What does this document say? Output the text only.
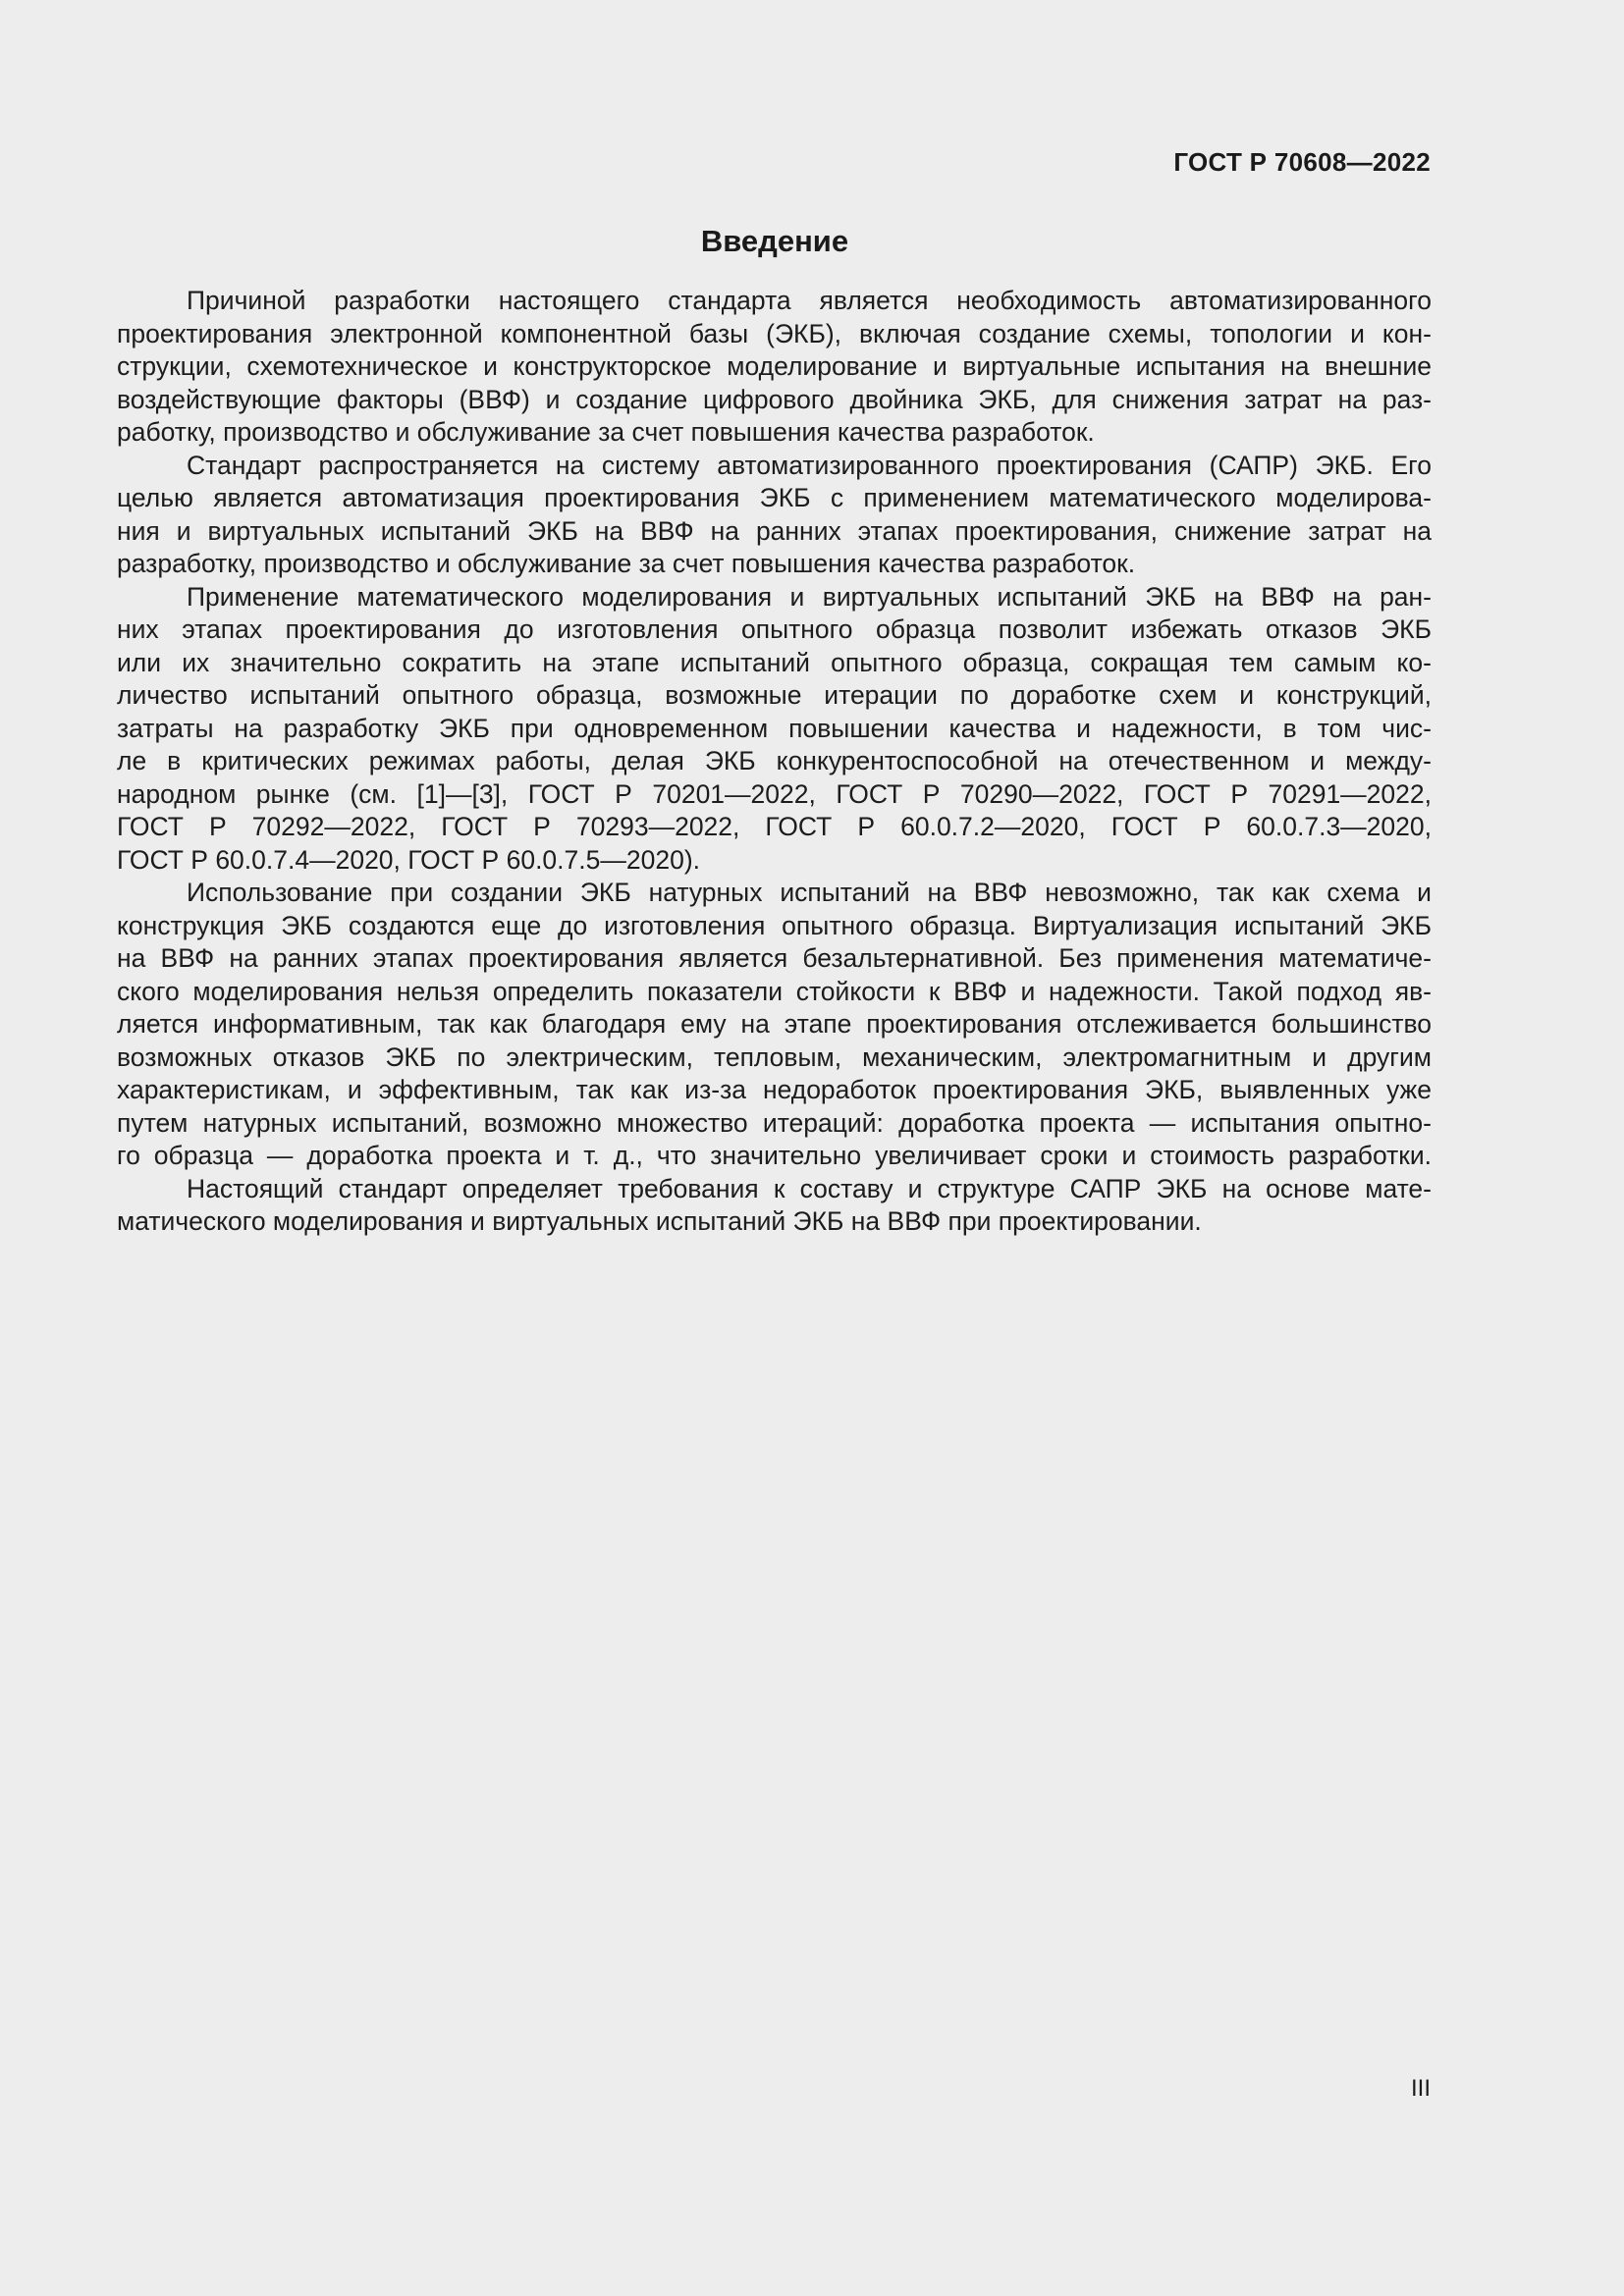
ГОСТ Р 70608—2022
Введение
Причиной разработки настоящего стандарта является необходимость автоматизированного
проектирования электронной компонентной базы (ЭКБ), включая создание схемы, топологии и кон-
струкции, схемотехническое и конструкторское моделирование и виртуальные испытания на внешние
воздействующие факторы (ВВФ) и создание цифрового двойника ЭКБ, для снижения затрат на раз-
работку, производство и обслуживание за счет повышения качества разработок.
Стандарт распространяется на систему автоматизированного проектирования (САПР) ЭКБ. Его
целью является автоматизация проектирования ЭКБ с применением математического моделирова-
ния и виртуальных испытаний ЭКБ на ВВФ на ранних этапах проектирования, снижение затрат на
разработку, производство и обслуживание за счет повышения качества разработок.
Применение математического моделирования и виртуальных испытаний ЭКБ на ВВФ на ран-
них этапах проектирования до изготовления опытного образца позволит избежать отказов ЭКБ
или их значительно сократить на этапе испытаний опытного образца, сокращая тем самым ко-
личество испытаний опытного образца, возможные итерации по доработке схем и конструкций,
затраты на разработку ЭКБ при одновременном повышении качества и надежности, в том чис-
ле в критических режимах работы, делая ЭКБ конкурентоспособной на отечественном и между-
народном рынке (см. [1]—[3], ГОСТ Р 70201—2022, ГОСТ Р 70290—2022, ГОСТ Р 70291—2022,
ГОСТ Р 70292—2022, ГОСТ Р 70293—2022, ГОСТ Р 60.0.7.2—2020, ГОСТ Р 60.0.7.3—2020,
ГОСТ Р 60.0.7.4—2020, ГОСТ Р 60.0.7.5—2020).
Использование при создании ЭКБ натурных испытаний на ВВФ невозможно, так как схема и
конструкция ЭКБ создаются еще до изготовления опытного образца. Виртуализация испытаний ЭКБ
на ВВФ на ранних этапах проектирования является безальтернативной. Без применения математиче-
ского моделирования нельзя определить показатели стойкости к ВВФ и надежности. Такой подход яв-
ляется информативным, так как благодаря ему на этапе проектирования отслеживается большинство
возможных отказов ЭКБ по электрическим, тепловым, механическим, электромагнитным и другим
характеристикам, и эффективным, так как из-за недоработок проектирования ЭКБ, выявленных уже
путем натурных испытаний, возможно множество итераций: доработка проекта — испытания опытно-
го образца — доработка проекта и т. д., что значительно увеличивает сроки и стоимость разработки.
Настоящий стандарт определяет требования к составу и структуре САПР ЭКБ на основе мате-
матического моделирования и виртуальных испытаний ЭКБ на ВВФ при проектировании.
III
